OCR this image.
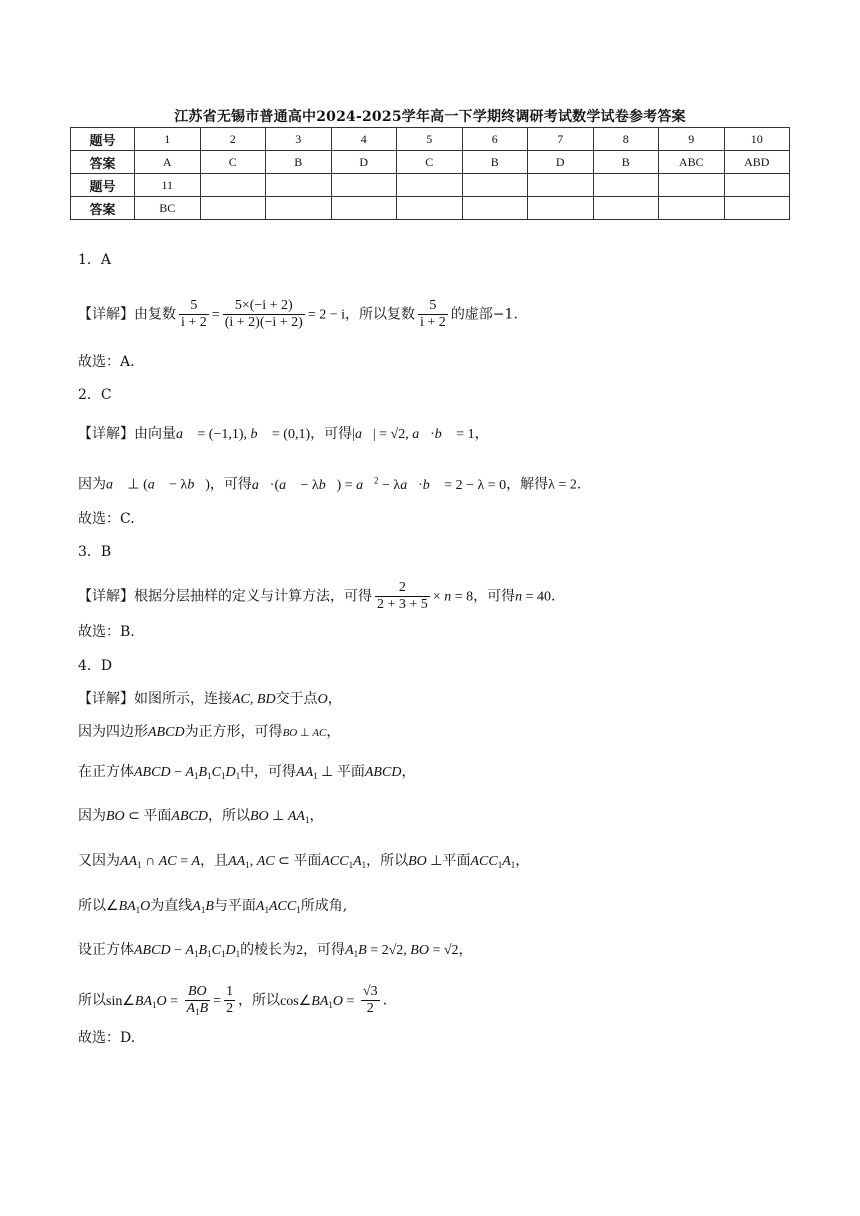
江苏省无锡市普通高中2024-2025学年高一下学期终调研考试数学试卷参考答案
题号	1	2	3	4	5	6	7	8	9	10
答案	A	C	B	D	C	B	D	B	ABC	ABD
题号	11									
答案	BC									
1．A
【详解】由复数 $\frac{5}{i + 2} = \frac{5\times(-i + 2)}{(i + 2)(-i + 2)} = 2 - i$，所以复数 $\frac{5}{i + 2}$ 的虚部−1.
故选：A.
2．C
【详解】由向量a⃗ = (−1,1), b⃗ = (0,1)，可得|a⃗| = √2, a⃗·b⃗ = 1，
因为a⃗ ⊥ (a⃗ − λb⃗)，可得a⃗·(a⃗ − λb⃗) = a⃗$^2$ − λa⃗·b⃗ = 2 − λ = 0，解得λ = 2.
故选：C.
3．B
【详解】根据分层抽样的定义与计算方法，可得 $\frac{2}{2 + 3 + 5} \times n = 8$，可得n = 40.
故选：B.
4．D
【详解】如图所示，连接AC, BD交于点O，
因为四边形ABCD为正方形，可得BO ⊥ AC，
在正方体ABCD − $A_1B_1C_1D_1$中，可得$AA_1$ ⊥ 平面ABCD，
因为BO ⊂ 平面ABCD，所以BO ⊥ $AA_1$，
又因为$AA_1$ ∩ AC = A，且$AA_1$, AC ⊂ 平面$ACC_1A_1$，所以BO ⊥平面$ACC_1A_1$，
所以$\angle BA_1O$为直线$A_1B$与平面$A_1ACC_1$所成角,
设正方体ABCD − $A_1B_1C_1D_1$的棱长为2，可得$A_1B = 2√2$, BO = √2，
所以$\sin\angle BA_1O = \frac{BO}{A_1B} = \frac{1}{2}$ ，所以$\cos\angle BA_1O = \frac{√3}{2}$ .
故选：D.
